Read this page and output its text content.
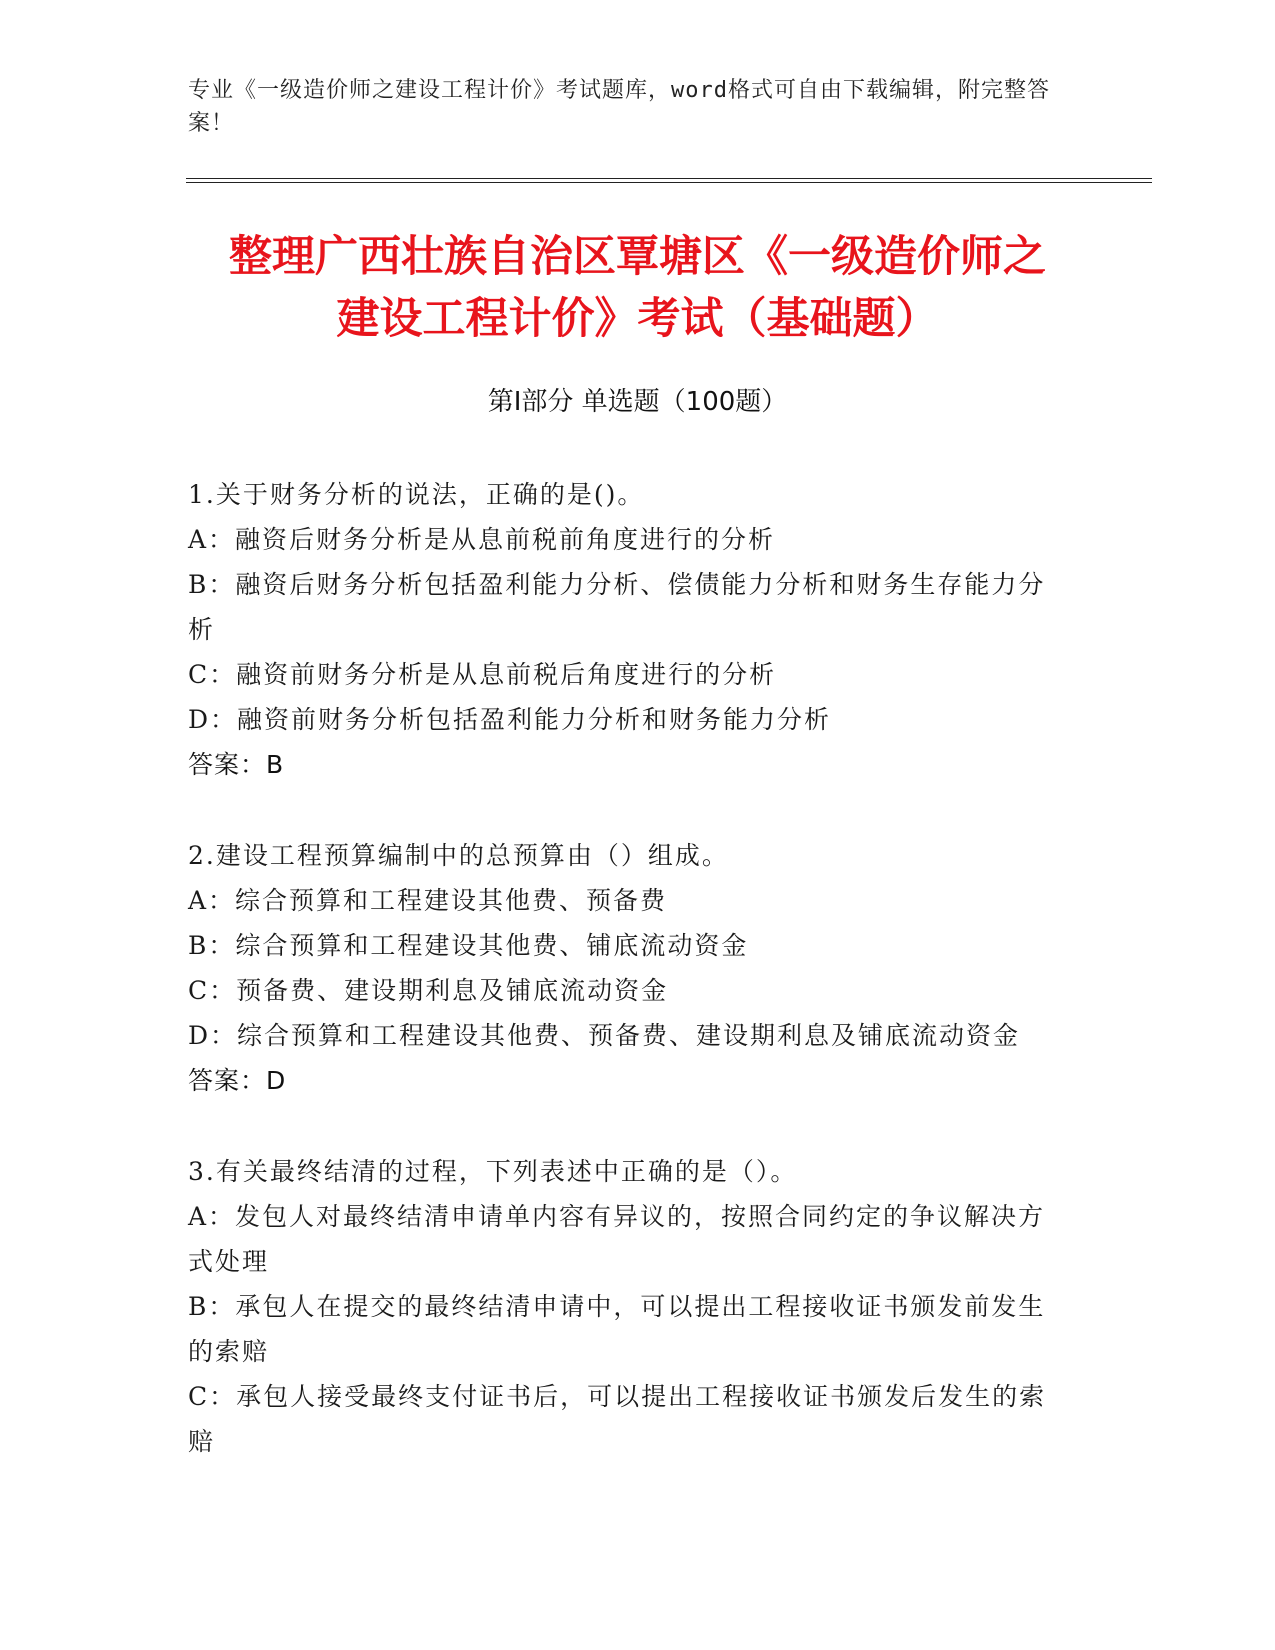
专业《一级造价师之建设工程计价》考试题库，word格式可自由下载编辑，附完整答案！
整理广西壮族自治区覃塘区《一级造价师之
建设工程计价》考试（基础题）
第I部分 单选题（100题）
1.关于财务分析的说法，正确的是()。
A：融资后财务分析是从息前税前角度进行的分析
B：融资后财务分析包括盈利能力分析、偿债能力分析和财务生存能力分析
C：融资前财务分析是从息前税后角度进行的分析
D：融资前财务分析包括盈利能力分析和财务能力分析
答案：B
2.建设工程预算编制中的总预算由（）组成。
A：综合预算和工程建设其他费、预备费
B：综合预算和工程建设其他费、铺底流动资金
C：预备费、建设期利息及铺底流动资金
D：综合预算和工程建设其他费、预备费、建设期利息及铺底流动资金
答案：D
3.有关最终结清的过程，下列表述中正确的是（）。
A：发包人对最终结清申请单内容有异议的，按照合同约定的争议解决方式处理
B：承包人在提交的最终结清申请中，可以提出工程接收证书颁发前发生的索赔
C：承包人接受最终支付证书后，可以提出工程接收证书颁发后发生的索赔
